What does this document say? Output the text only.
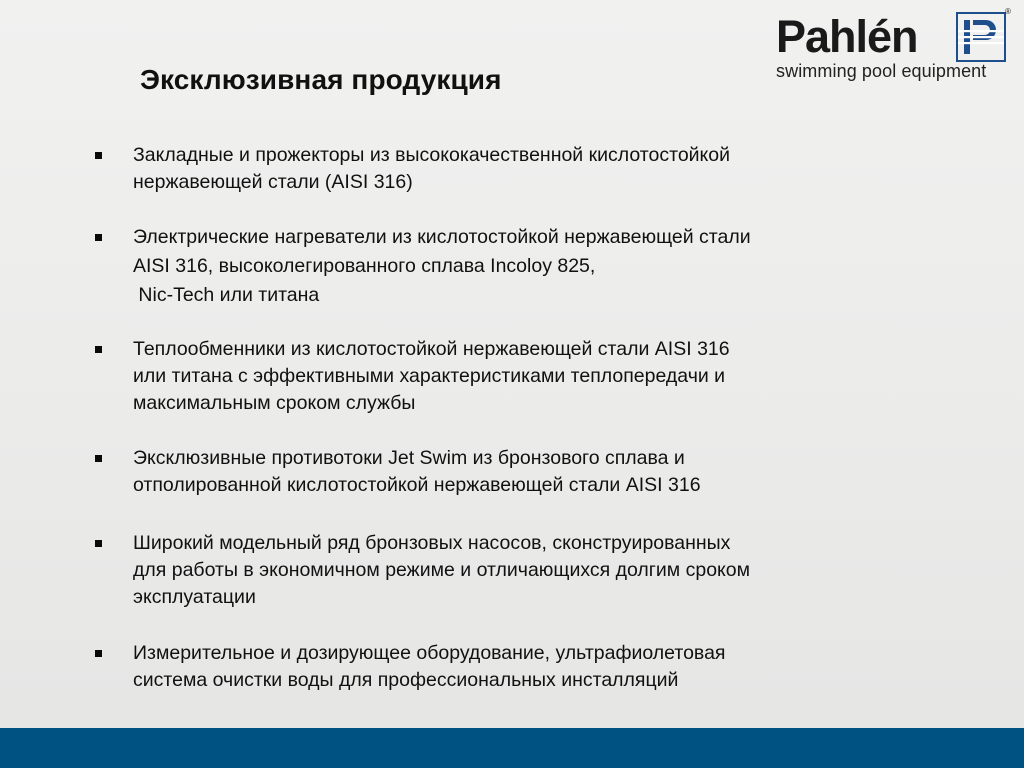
Эксклюзивная продукция
Pahlén	®
swimming pool equipment
Закладные и прожекторы из высококачественной кислотостойкой
нержавеющей стали (AISI 316)
Электрические нагреватели из кислотостойкой нержавеющей стали
AISI 316, высоколегированного сплава Incoloy 825,
Nic-Tech или титана
Теплообменники из кислотостойкой нержавеющей стали AISI 316
или титана с эффективными характеристиками теплопередачи и
максимальным сроком службы
Эксклюзивные противотоки Jet Swim из бронзового сплава и
отполированной кислотостойкой нержавеющей стали AISI 316
Широкий модельный ряд бронзовых насосов, сконструированных
для работы в экономичном режиме и отличающихся долгим сроком
эксплуатации
Измерительное и дозирующее оборудование, ультрафиолетовая
система очистки воды для профессиональных инсталляций
